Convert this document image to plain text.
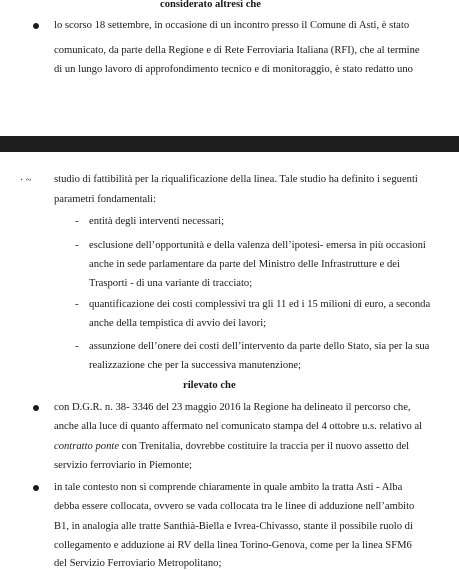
considerato altresì che
lo scorso 18 settembre, in occasione di un incontro presso il Comune di Asti, è stato
comunicato, da parte della Regione e di Rete Ferroviaria Italiana (RFI), che al termine
di un lungo lavoro di approfondimento tecnico e di monitoraggio, è stato redatto uno
· ~ studio di fattibilità per la riqualificazione della linea. Tale studio ha definito i seguenti
parametri fondamentali:
- entità degli interventi necessari;
- esclusione dell’opportunità e della valenza dell’ipotesi- emersa in più occasioni
anche in sede parlamentare da parte del Ministro delle Infrastrutture e dei
Trasporti - di una variante di tracciato;
- quantificazione dei costi complessivi tra gli 11 ed i 15 milioni di euro, a seconda
anche della tempistica di avvio dei lavori;
- assunzione dell’onere dei costi dell’intervento da parte dello Stato, sia per la sua
realizzazione che per la successiva manutenzione;
rilevato che
con D.G.R. n. 38- 3346 del 23 maggio 2016 la Regione ha delineato il percorso che,
anche alla luce di quanto affermato nel comunicato stampa del 4 ottobre u.s. relativo al
contratto ponte con Trenitalia, dovrebbe costituire la traccia per il nuovo assetto del
servizio ferroviario in Piemonte;
in tale contesto non si comprende chiaramente in quale ambito la tratta Asti - Alba
debba essere collocata, ovvero se vada collocata tra le linee di adduzione nell’ambito
B1, in analogia alle tratte Santhià-Biella e Ivrea-Chivasso, stante il possibile ruolo di
collegamento e adduzione ai RV della linea Torino-Genova, come per la linea SFM6
del Servizio Ferroviario Metropolitano;
